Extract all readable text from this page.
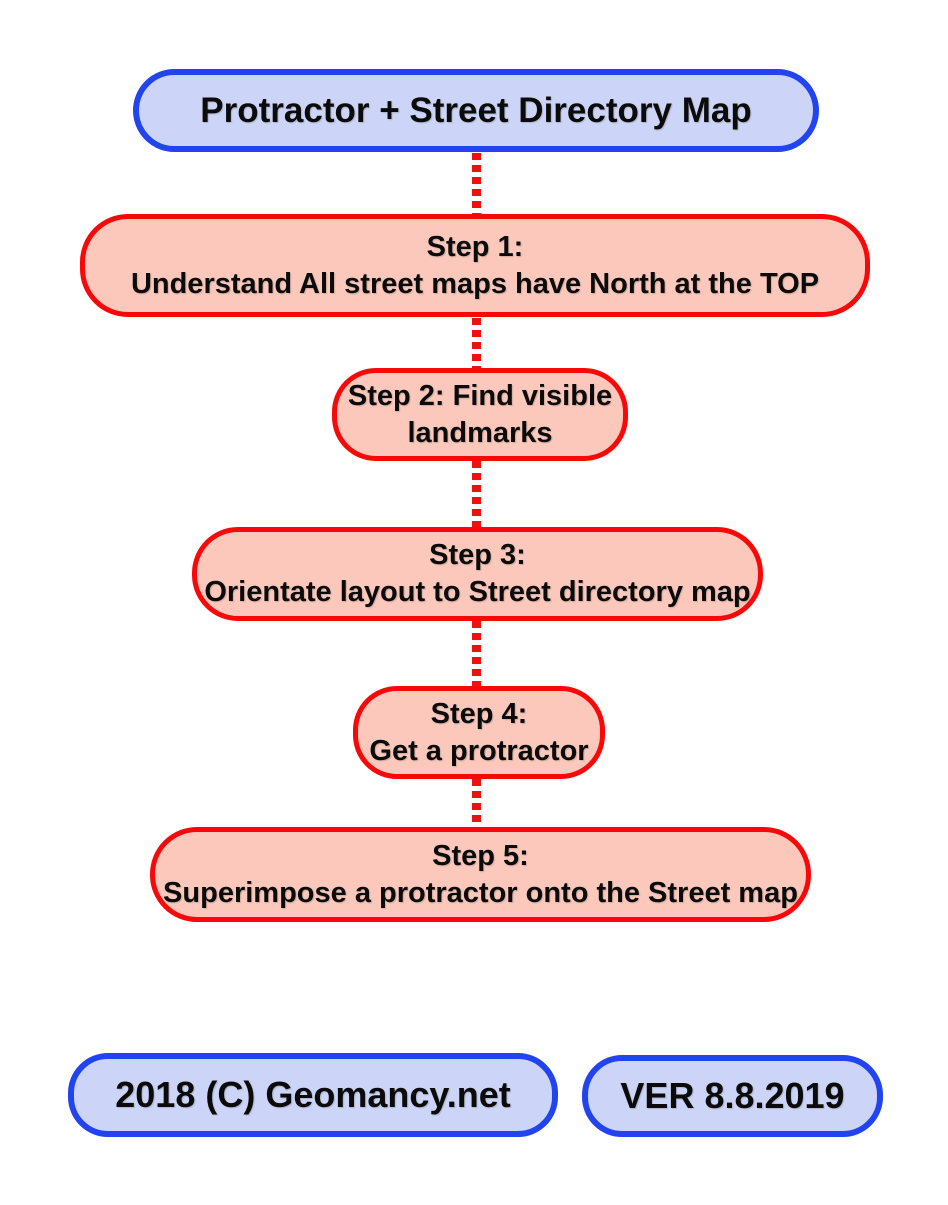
Protractor + Street Directory Map
Step 1:
Understand All street maps have North at the TOP
Step 2: Find visible
landmarks
Step 3:
Orientate layout to Street directory map
Step 4:
Get a protractor
Step 5:
Superimpose a protractor onto the Street map
2018 (C) Geomancy.net	VER 8.8.2019
